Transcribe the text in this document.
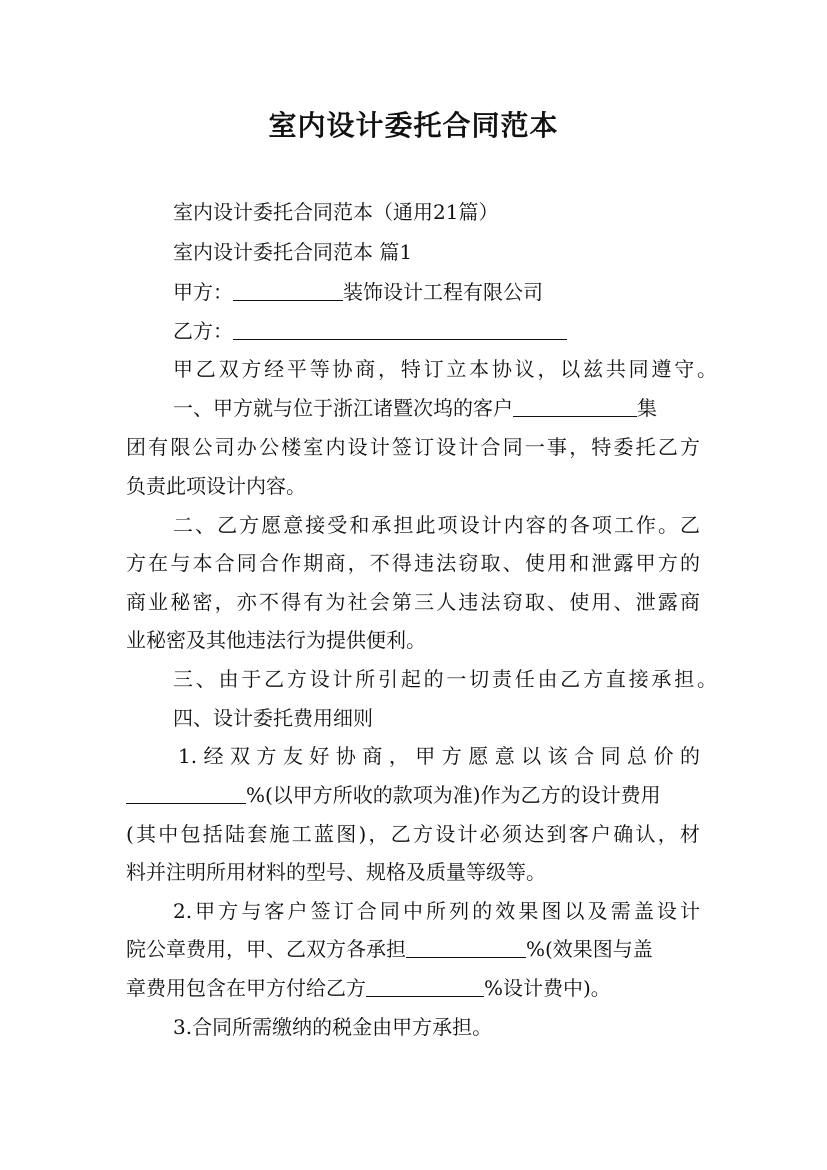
室内设计委托合同范本
室内设计委托合同范本（通用21篇）
室内设计委托合同范本 篇1
甲方：	装饰设计工程有限公司
乙方：
甲乙双方经平等协商，特订立本协议，以兹共同遵守。
一、甲方就与位于浙江诸暨次坞的客户	集
团有限公司办公楼室内设计签订设计合同一事，特委托乙方
负责此项设计内容。
二、乙方愿意接受和承担此项设计内容的各项工作。乙
方在与本合同合作期商，不得违法窃取、使用和泄露甲方的
商业秘密，亦不得有为社会第三人违法窃取、使用、泄露商
业秘密及其他违法行为提供便利。
三、由于乙方设计所引起的一切责任由乙方直接承担。
四、设计委托费用细则
1.经双方友好协商，甲方愿意以该合同总价的
%(以甲方所收的款项为准)作为乙方的设计费用
(其中包括陆套施工蓝图)，乙方设计必须达到客户确认，材
料并注明所用材料的型号、规格及质量等级等。
2.甲方与客户签订合同中所列的效果图以及需盖设计
院公章费用，甲、乙双方各承担	%(效果图与盖
章费用包含在甲方付给乙方	%设计费中)。
3.合同所需缴纳的税金由甲方承担。
